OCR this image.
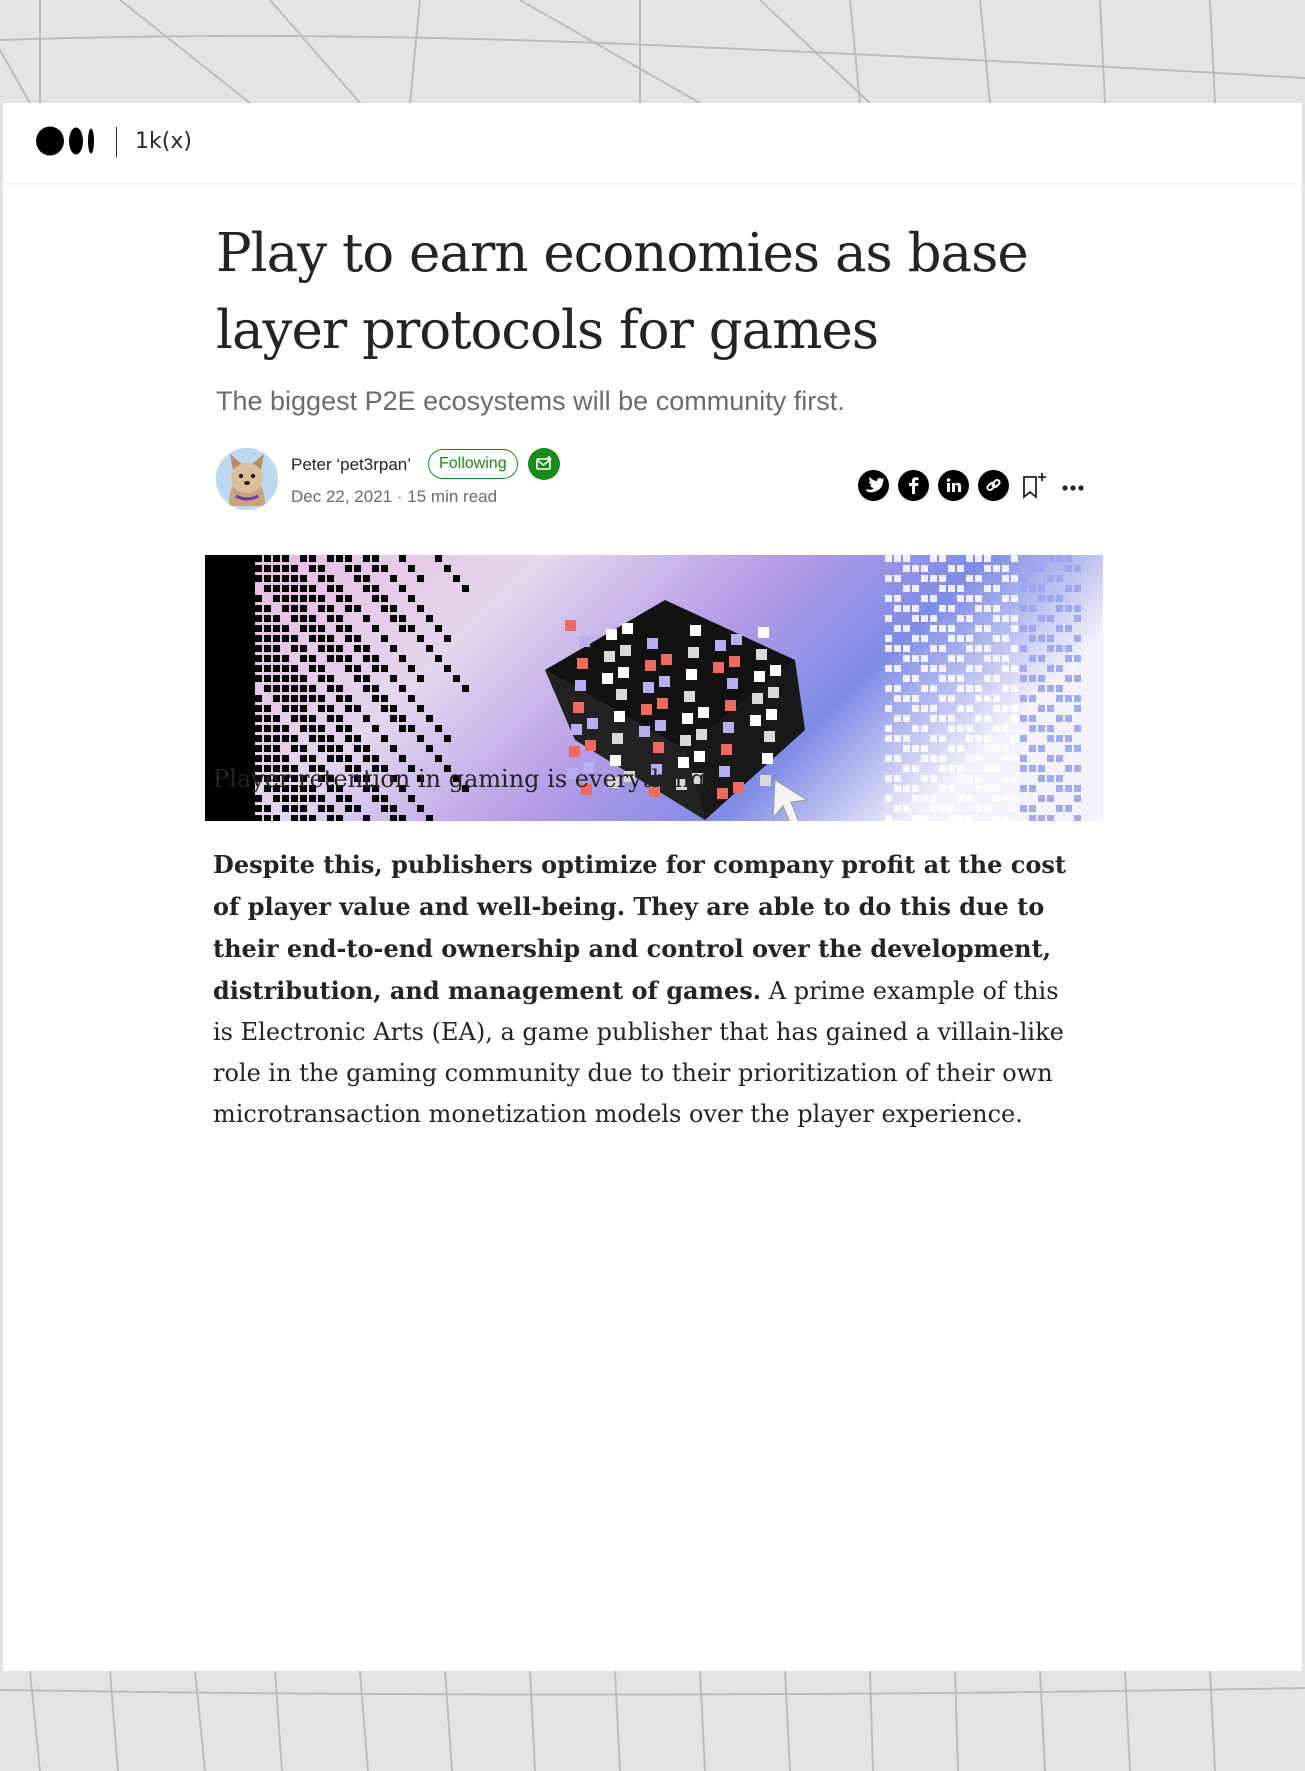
1k(x)
Play to earn economies as base layer protocols for games

The biggest P2E ecosystems will be community first.

Peter ‘pet3rpan’	Following
Dec 22, 2021 · 15 min read

Player retention in gaming is everything.

Despite this, publishers optimize for company profit at the cost of player value and well-being. They are able to do this due to their end-to-end ownership and control over the development, distribution, and management of games. A prime example of this is Electronic Arts (EA), a game publisher that has gained a villain-like role in the gaming community due to their prioritization of their own microtransaction monetization models over the player experience.
